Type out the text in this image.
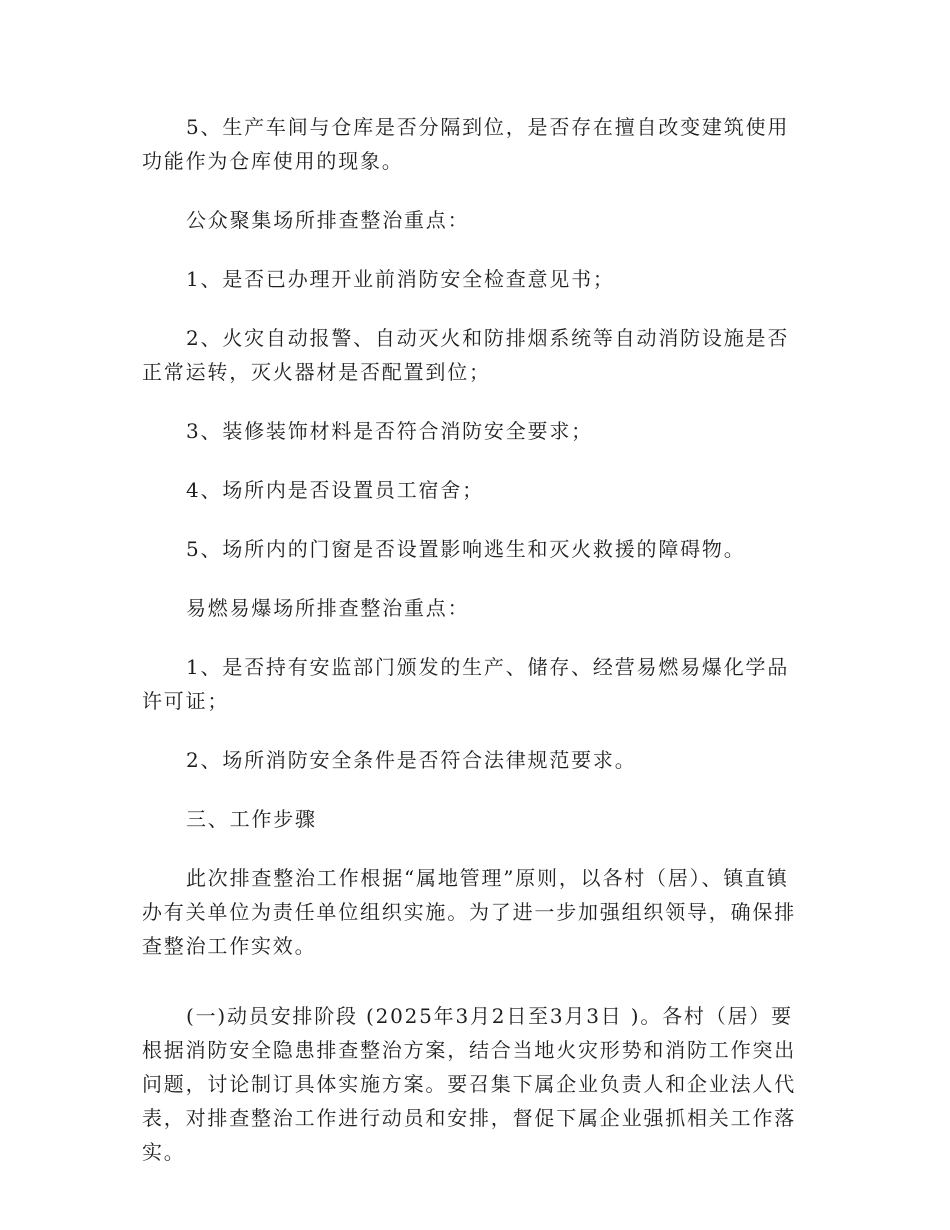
5、生产车间与仓库是否分隔到位，是否存在擅自改变建筑使用功能作为仓库使用的现象。

公众聚集场所排查整治重点：

1、是否已办理开业前消防安全检查意见书；

2、火灾自动报警、自动灭火和防排烟系统等自动消防设施是否正常运转，灭火器材是否配置到位；

3、装修装饰材料是否符合消防安全要求；

4、场所内是否设置员工宿舍；

5、场所内的门窗是否设置影响逃生和灭火救援的障碍物。

易燃易爆场所排查整治重点：

1、是否持有安监部门颁发的生产、储存、经营易燃易爆化学品许可证；

2、场所消防安全条件是否符合法律规范要求。

三、工作步骤

此次排查整治工作根据“属地管理”原则，以各村（居）、镇直镇办有关单位为责任单位组织实施。为了进一步加强组织领导，确保排查整治工作实效。

(一)动员安排阶段 (2025年3月2日至3月3日 )。各村（居）要根据消防安全隐患排查整治方案，结合当地火灾形势和消防工作突出问题，讨论制订具体实施方案。要召集下属企业负责人和企业法人代表，对排查整治工作进行动员和安排，督促下属企业强抓相关工作落实。
